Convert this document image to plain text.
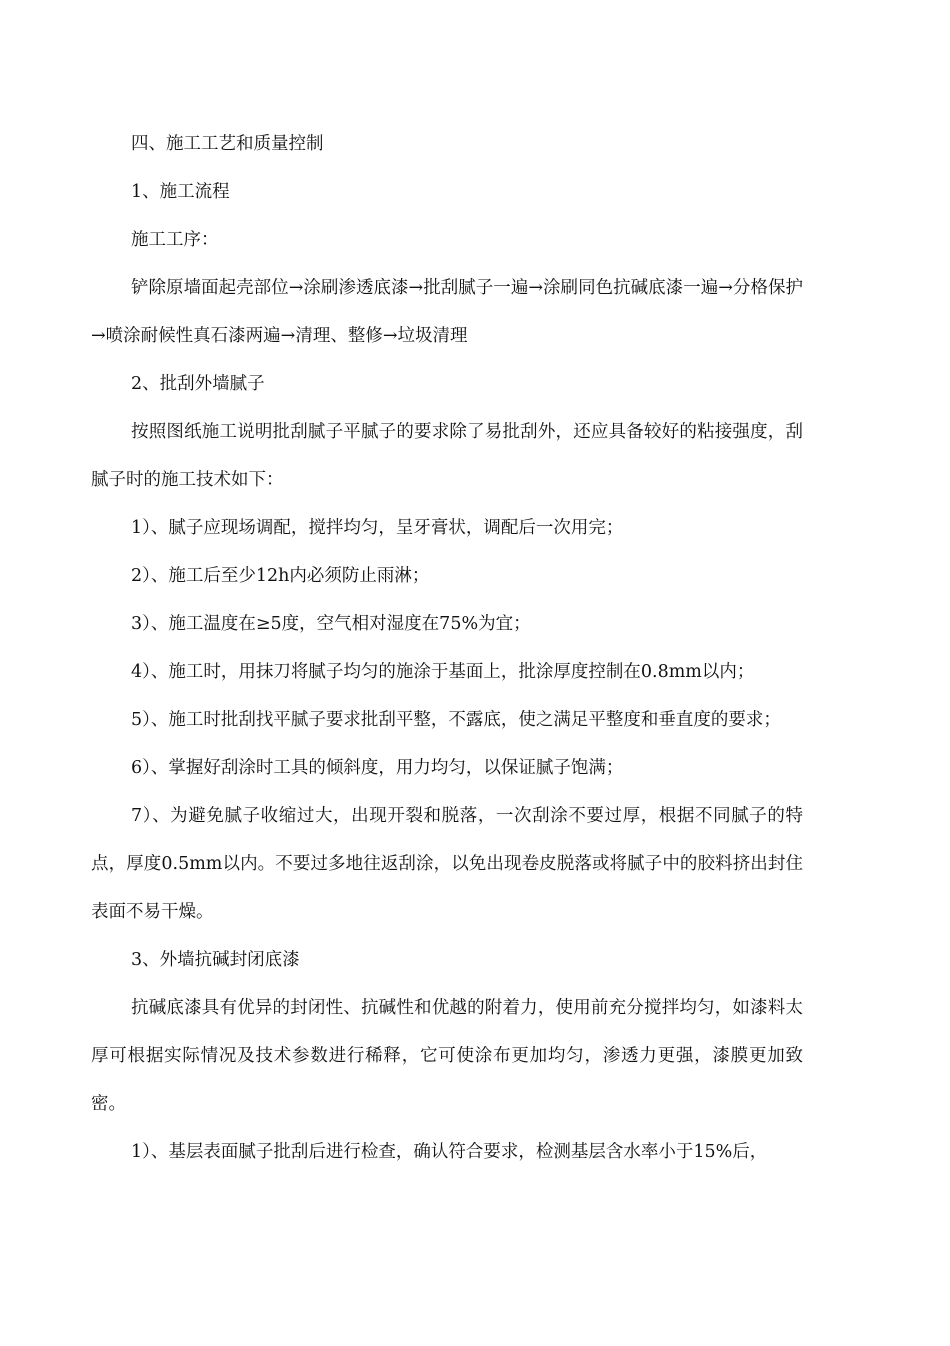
四、施工工艺和质量控制

1、施工流程

施工工序：

铲除原墙面起壳部位→涂刷渗透底漆→批刮腻子一遍→涂刷同色抗碱底漆一遍→分格保护→喷涂耐候性真石漆两遍→清理、整修→垃圾清理

2、批刮外墙腻子

按照图纸施工说明批刮腻子平腻子的要求除了易批刮外，还应具备较好的粘接强度，刮腻子时的施工技术如下：

1）、腻子应现场调配，搅拌均匀，呈牙膏状，调配后一次用完；

2）、施工后至少12h内必须防止雨淋；

3）、施工温度在≥5度，空气相对湿度在75%为宜；

4）、施工时，用抹刀将腻子均匀的施涂于基面上，批涂厚度控制在0.8mm以内；

5）、施工时批刮找平腻子要求批刮平整，不露底，使之满足平整度和垂直度的要求；

6）、掌握好刮涂时工具的倾斜度，用力均匀，以保证腻子饱满；

7）、为避免腻子收缩过大，出现开裂和脱落，一次刮涂不要过厚，根据不同腻子的特点，厚度0.5mm以内。不要过多地往返刮涂，以免出现卷皮脱落或将腻子中的胶料挤出封住表面不易干燥。

3、外墙抗碱封闭底漆

抗碱底漆具有优异的封闭性、抗碱性和优越的附着力，使用前充分搅拌均匀，如漆料太厚可根据实际情况及技术参数进行稀释，它可使涂布更加均匀，渗透力更强，漆膜更加致密。

1）、基层表面腻子批刮后进行检查，确认符合要求，检测基层含水率小于15%后，
